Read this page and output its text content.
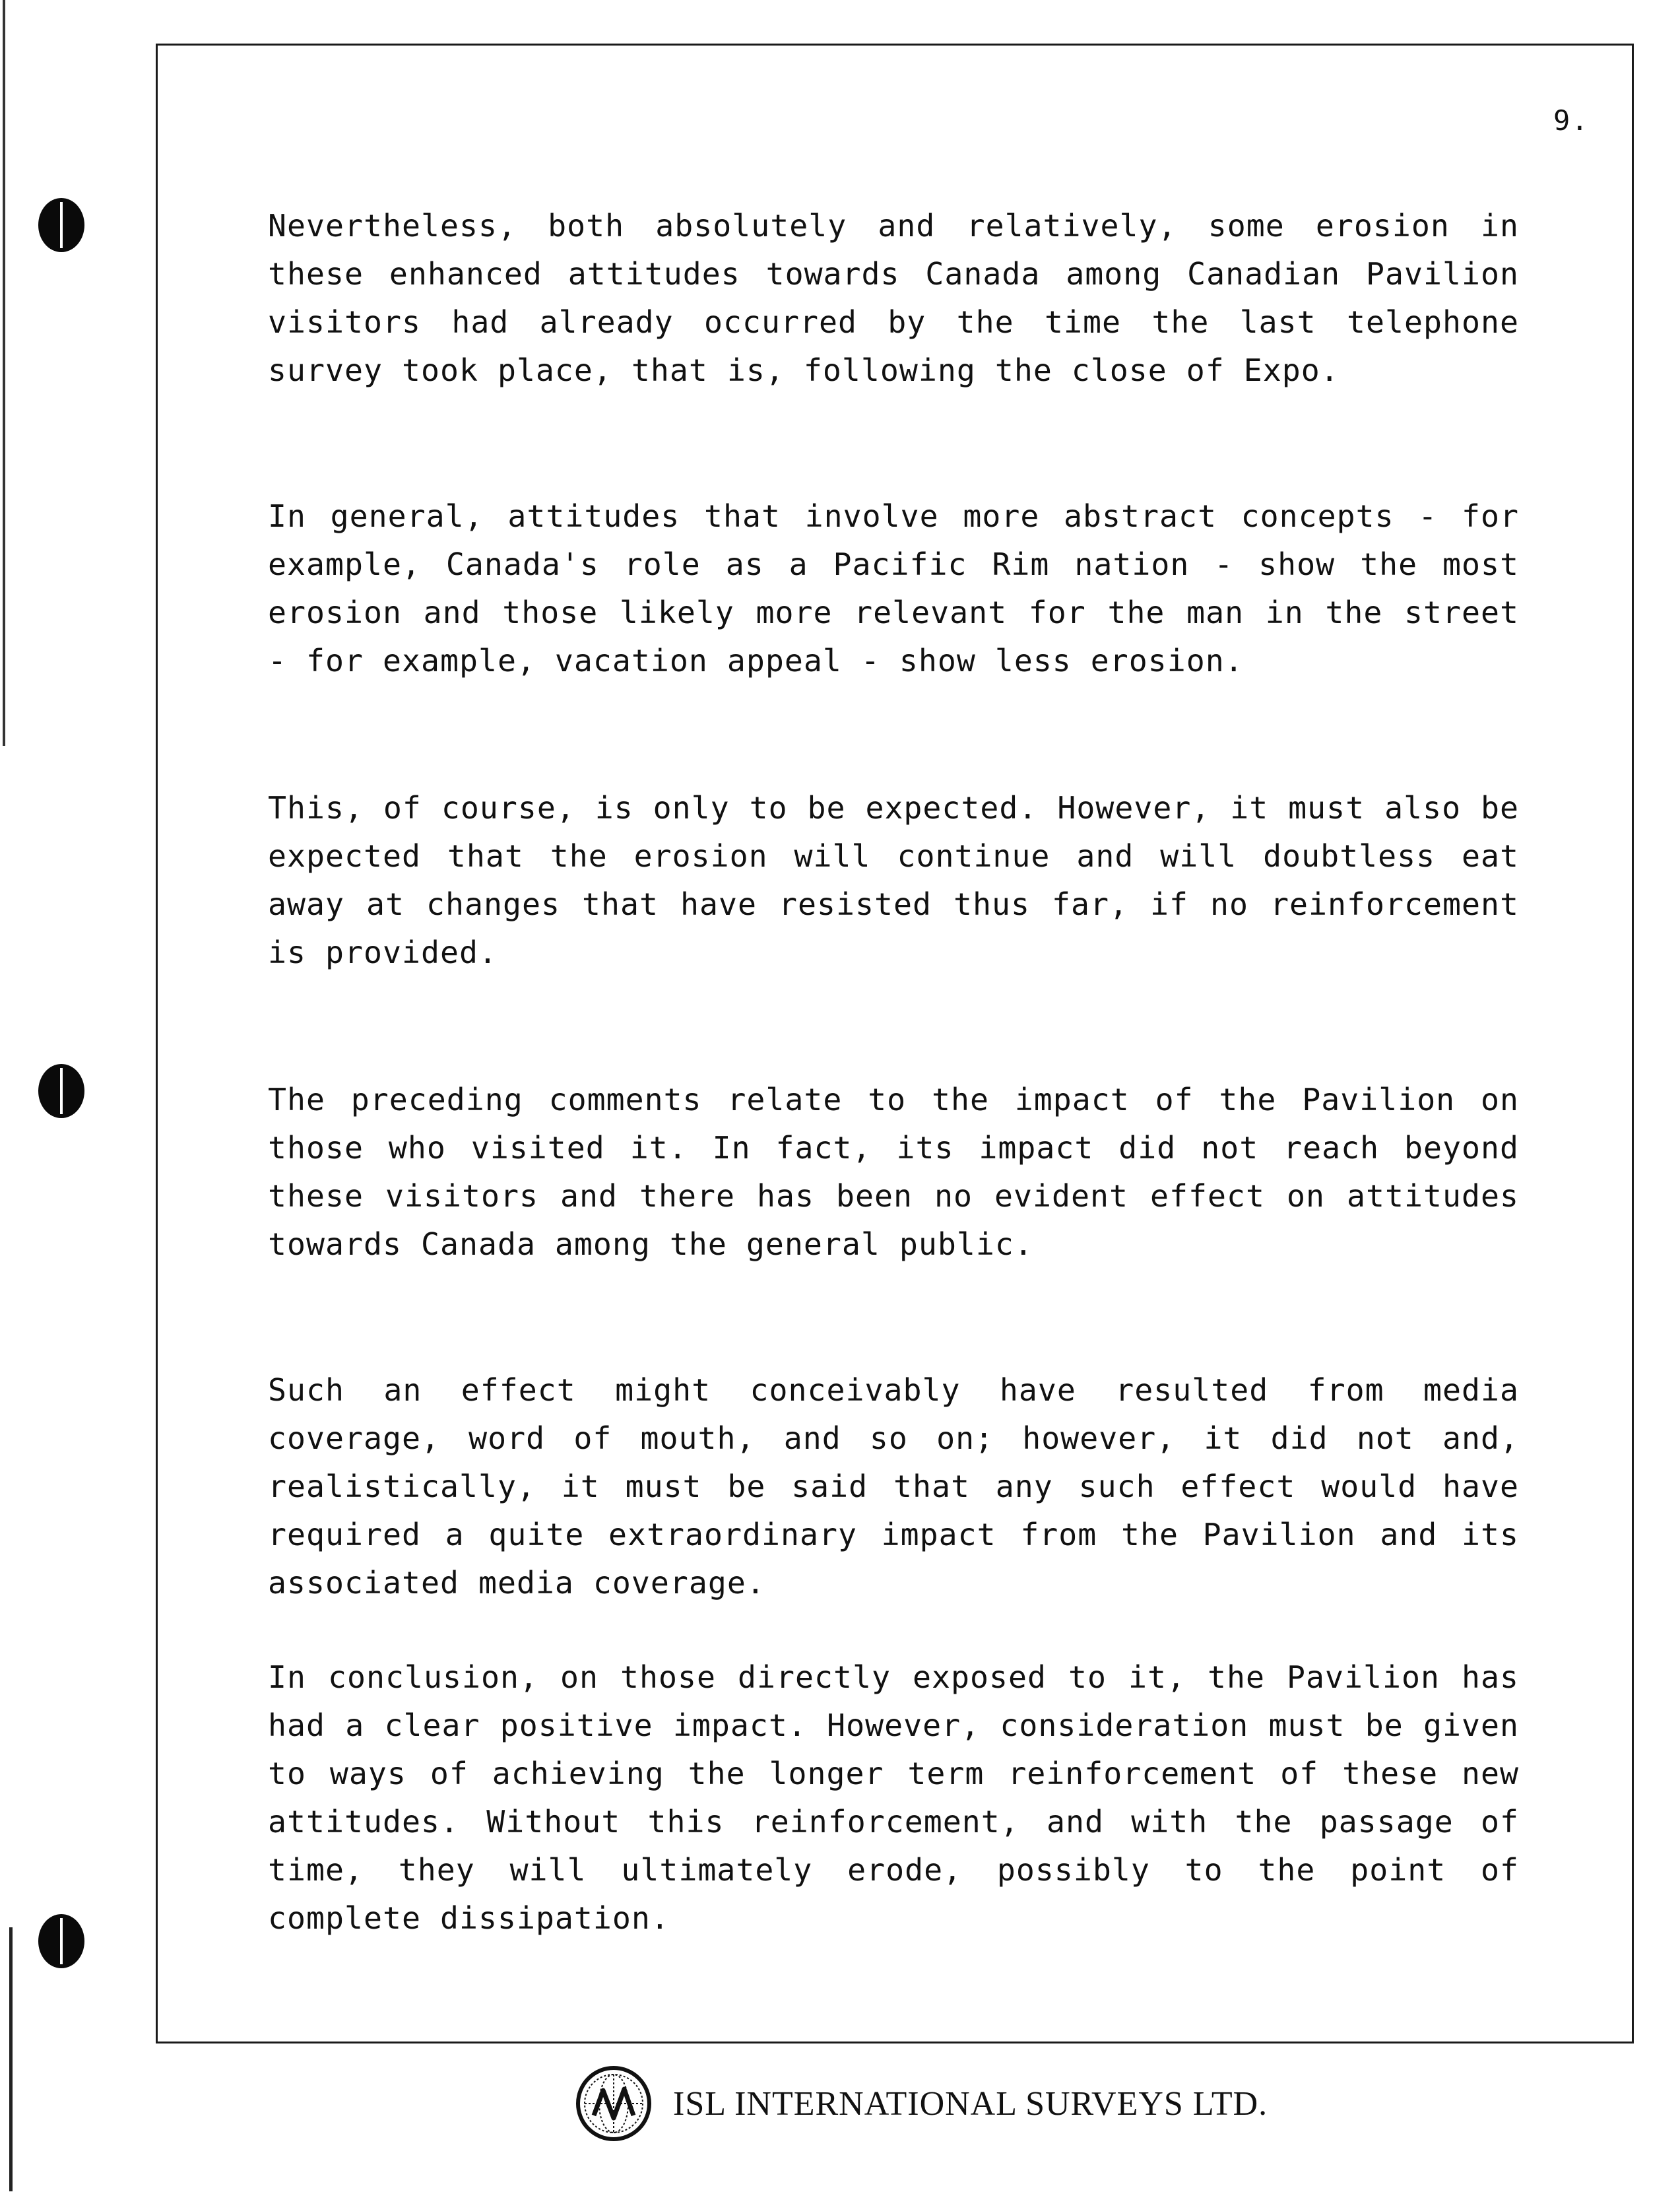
9.

Nevertheless, both absolutely and relatively, some erosion in these enhanced attitudes towards Canada among Canadian Pavilion visitors had already occurred by the time the last telephone survey took place, that is, following the close of Expo.

In general, attitudes that involve more abstract concepts - for example, Canada's role as a Pacific Rim nation - show the most erosion and those likely more relevant for the man in the street - for example, vacation appeal - show less erosion.

This, of course, is only to be expected. However, it must also be expected that the erosion will continue and will doubtless eat away at changes that have resisted thus far, if no reinforcement is provided.

The preceding comments relate to the impact of the Pavilion on those who visited it. In fact, its impact did not reach beyond these visitors and there has been no evident effect on attitudes towards Canada among the general public.

Such an effect might conceivably have resulted from media coverage, word of mouth, and so on; however, it did not and, realistically, it must be said that any such effect would have required a quite extraordinary impact from the Pavilion and its associated media coverage.

In conclusion, on those directly exposed to it, the Pavilion has had a clear positive impact. However, consideration must be given to ways of achieving the longer term reinforcement of these new attitudes. Without this reinforcement, and with the passage of time, they will ultimately erode, possibly to the point of complete dissipation.

ISL INTERNATIONAL SURVEYS LTD.
